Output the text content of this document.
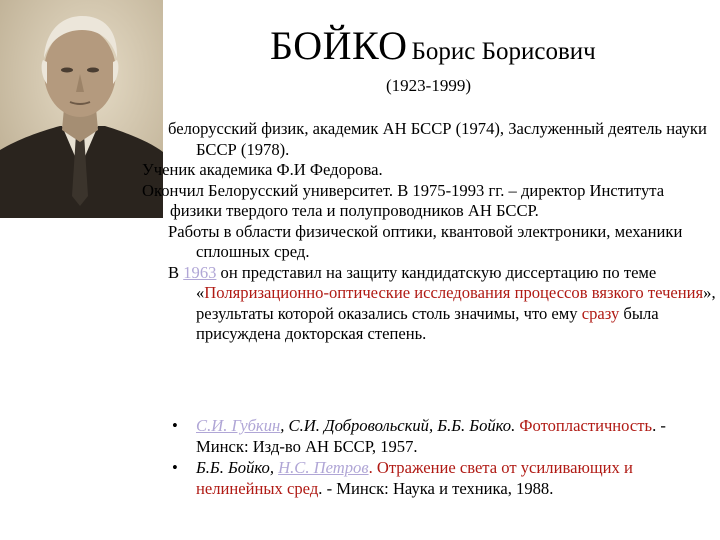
БОЙКО Борис Борисович
(1923-1999)

белорусский физик, академик АН БССР (1974), Заслуженный деятель науки БССР (1978).

Ученик академика Ф.И Федорова.

Окончил Белорусский университет. В 1975-1993 гг. – директор Института физики твердого тела и полупроводников АН БССР.

Работы в области физической оптики, квантовой электроники, механики сплошных сред.

В 1963 он представил на защиту кандидатскую диссертацию по теме «Поляризационно-оптические исследования процессов вязкого течения», результаты которой оказались столь значимы, что ему сразу была присуждена докторская степень.

• С.И. Губкин, С.И. Добровольский, Б.Б. Бойко. Фотопластичность. - Минск: Изд-во АН БССР, 1957.
• Б.Б. Бойко, Н.С. Петров. Отражение света от усиливающих и нелинейных сред. - Минск: Наука и техника, 1988.
